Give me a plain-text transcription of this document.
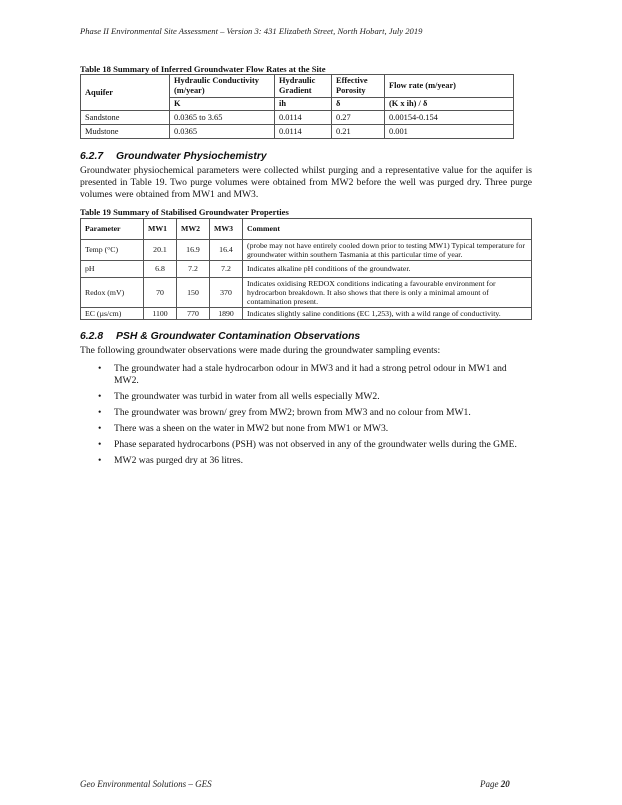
Phase II Environmental Site Assessment – Version 3: 431 Elizabeth Street, North Hobart, July 2019

Table 18 Summary of Inferred Groundwater Flow Rates at the Site

Aquifer	Hydraulic Conductivity (m/year)	Hydraulic Gradient	Effective Porosity	Flow rate (m/year)
	K	ih	δ	(K x ih) / δ
Sandstone	0.0365 to 3.65	0.0114	0.27	0.00154-0.154
Mudstone	0.0365	0.0114	0.21	0.001
6.2.7 Groundwater Physiochemistry

Groundwater physiochemical parameters were collected whilst purging and a representative value for the aquifer is presented in Table 19. Two purge volumes were obtained from MW2 before the well was purged dry. Three purge volumes were obtained from MW1 and MW3.

Table 19 Summary of Stabilised Groundwater Properties

Parameter	MW1	MW2	MW3	Comment
Temp (°C)	20.1	16.9	16.4	(probe may not have entirely cooled down prior to testing MW1) Typical temperature for groundwater within southern Tasmania at this particular time of year.
pH	6.8	7.2	7.2	Indicates alkaline pH conditions of the groundwater.
Redox (mV)	70	150	370	Indicates oxidising REDOX conditions indicating a favourable environment for hydrocarbon breakdown. It also shows that there is only a minimal amount of contamination present.
EC (µs/cm)	1100	770	1890	Indicates slightly saline conditions (EC 1,253), with a wild range of conductivity.
6.2.8 PSH & Groundwater Contamination Observations

The following groundwater observations were made during the groundwater sampling events:

• The groundwater had a stale hydrocarbon odour in MW3 and it had a strong petrol odour in MW1 and MW2.
• The groundwater was turbid in water from all wells especially MW2.
• The groundwater was brown/ grey from MW2; brown from MW3 and no colour from MW1.
• There was a sheen on the water in MW2 but none from MW1 or MW3.
• Phase separated hydrocarbons (PSH) was not observed in any of the groundwater wells during the GME.
• MW2 was purged dry at 36 litres.
Geo Environmental Solutions – GES	Page 20
